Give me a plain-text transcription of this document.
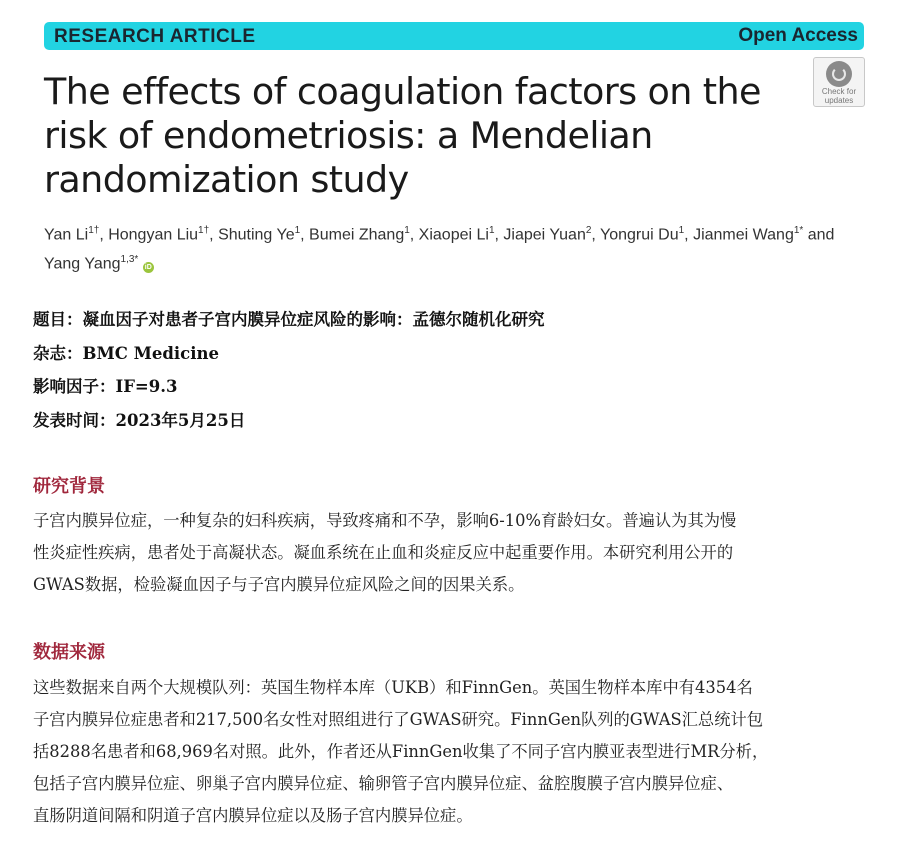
RESEARCH ARTICLE	Open Access
Check for
updates
The effects of coagulation factors on the risk of endometriosis: a Mendelian randomization study
Yan $Li^{1\dagger}$, Hongyan Liu$^{1\dagger}$, Shuting Ye$^1$, Bumei Zhang$^1$, Xiaopei Li$^1$, Jiapei Yuan$^2$, Yongrui Du$^1$, Jianmei Wang$^{1*}$ and
Yang Yang$^{1,3*}$ iD
题目：凝血因子对患者子宫内膜异位症风险的影响：孟德尔随机化研究
杂志：BMC Medicine
影响因子：IF=9.3
发表时间：2023年5月25日
研究背景
子宫内膜异位症，一种复杂的妇科疾病，导致疼痛和不孕，影响6-10%育龄妇女。普遍认为其为慢
性炎症性疾病，患者处于高凝状态。凝血系统在止血和炎症反应中起重要作用。本研究利用公开的
GWAS数据，检验凝血因子与子宫内膜异位症风险之间的因果关系。
数据来源
这些数据来自两个大规模队列：英国生物样本库（UKB）和FinnGen。英国生物样本库中有4354名
子宫内膜异位症患者和217,500名女性对照组进行了GWAS研究。FinnGen队列的GWAS汇总统计包
括8288名患者和68,969名对照。此外，作者还从FinnGen收集了不同子宫内膜亚表型进行MR分析，
包括子宫内膜异位症、卵巢子宫内膜异位症、输卵管子宫内膜异位症、盆腔腹膜子宫内膜异位症、
直肠阴道间隔和阴道子宫内膜异位症以及肠子宫内膜异位症。
